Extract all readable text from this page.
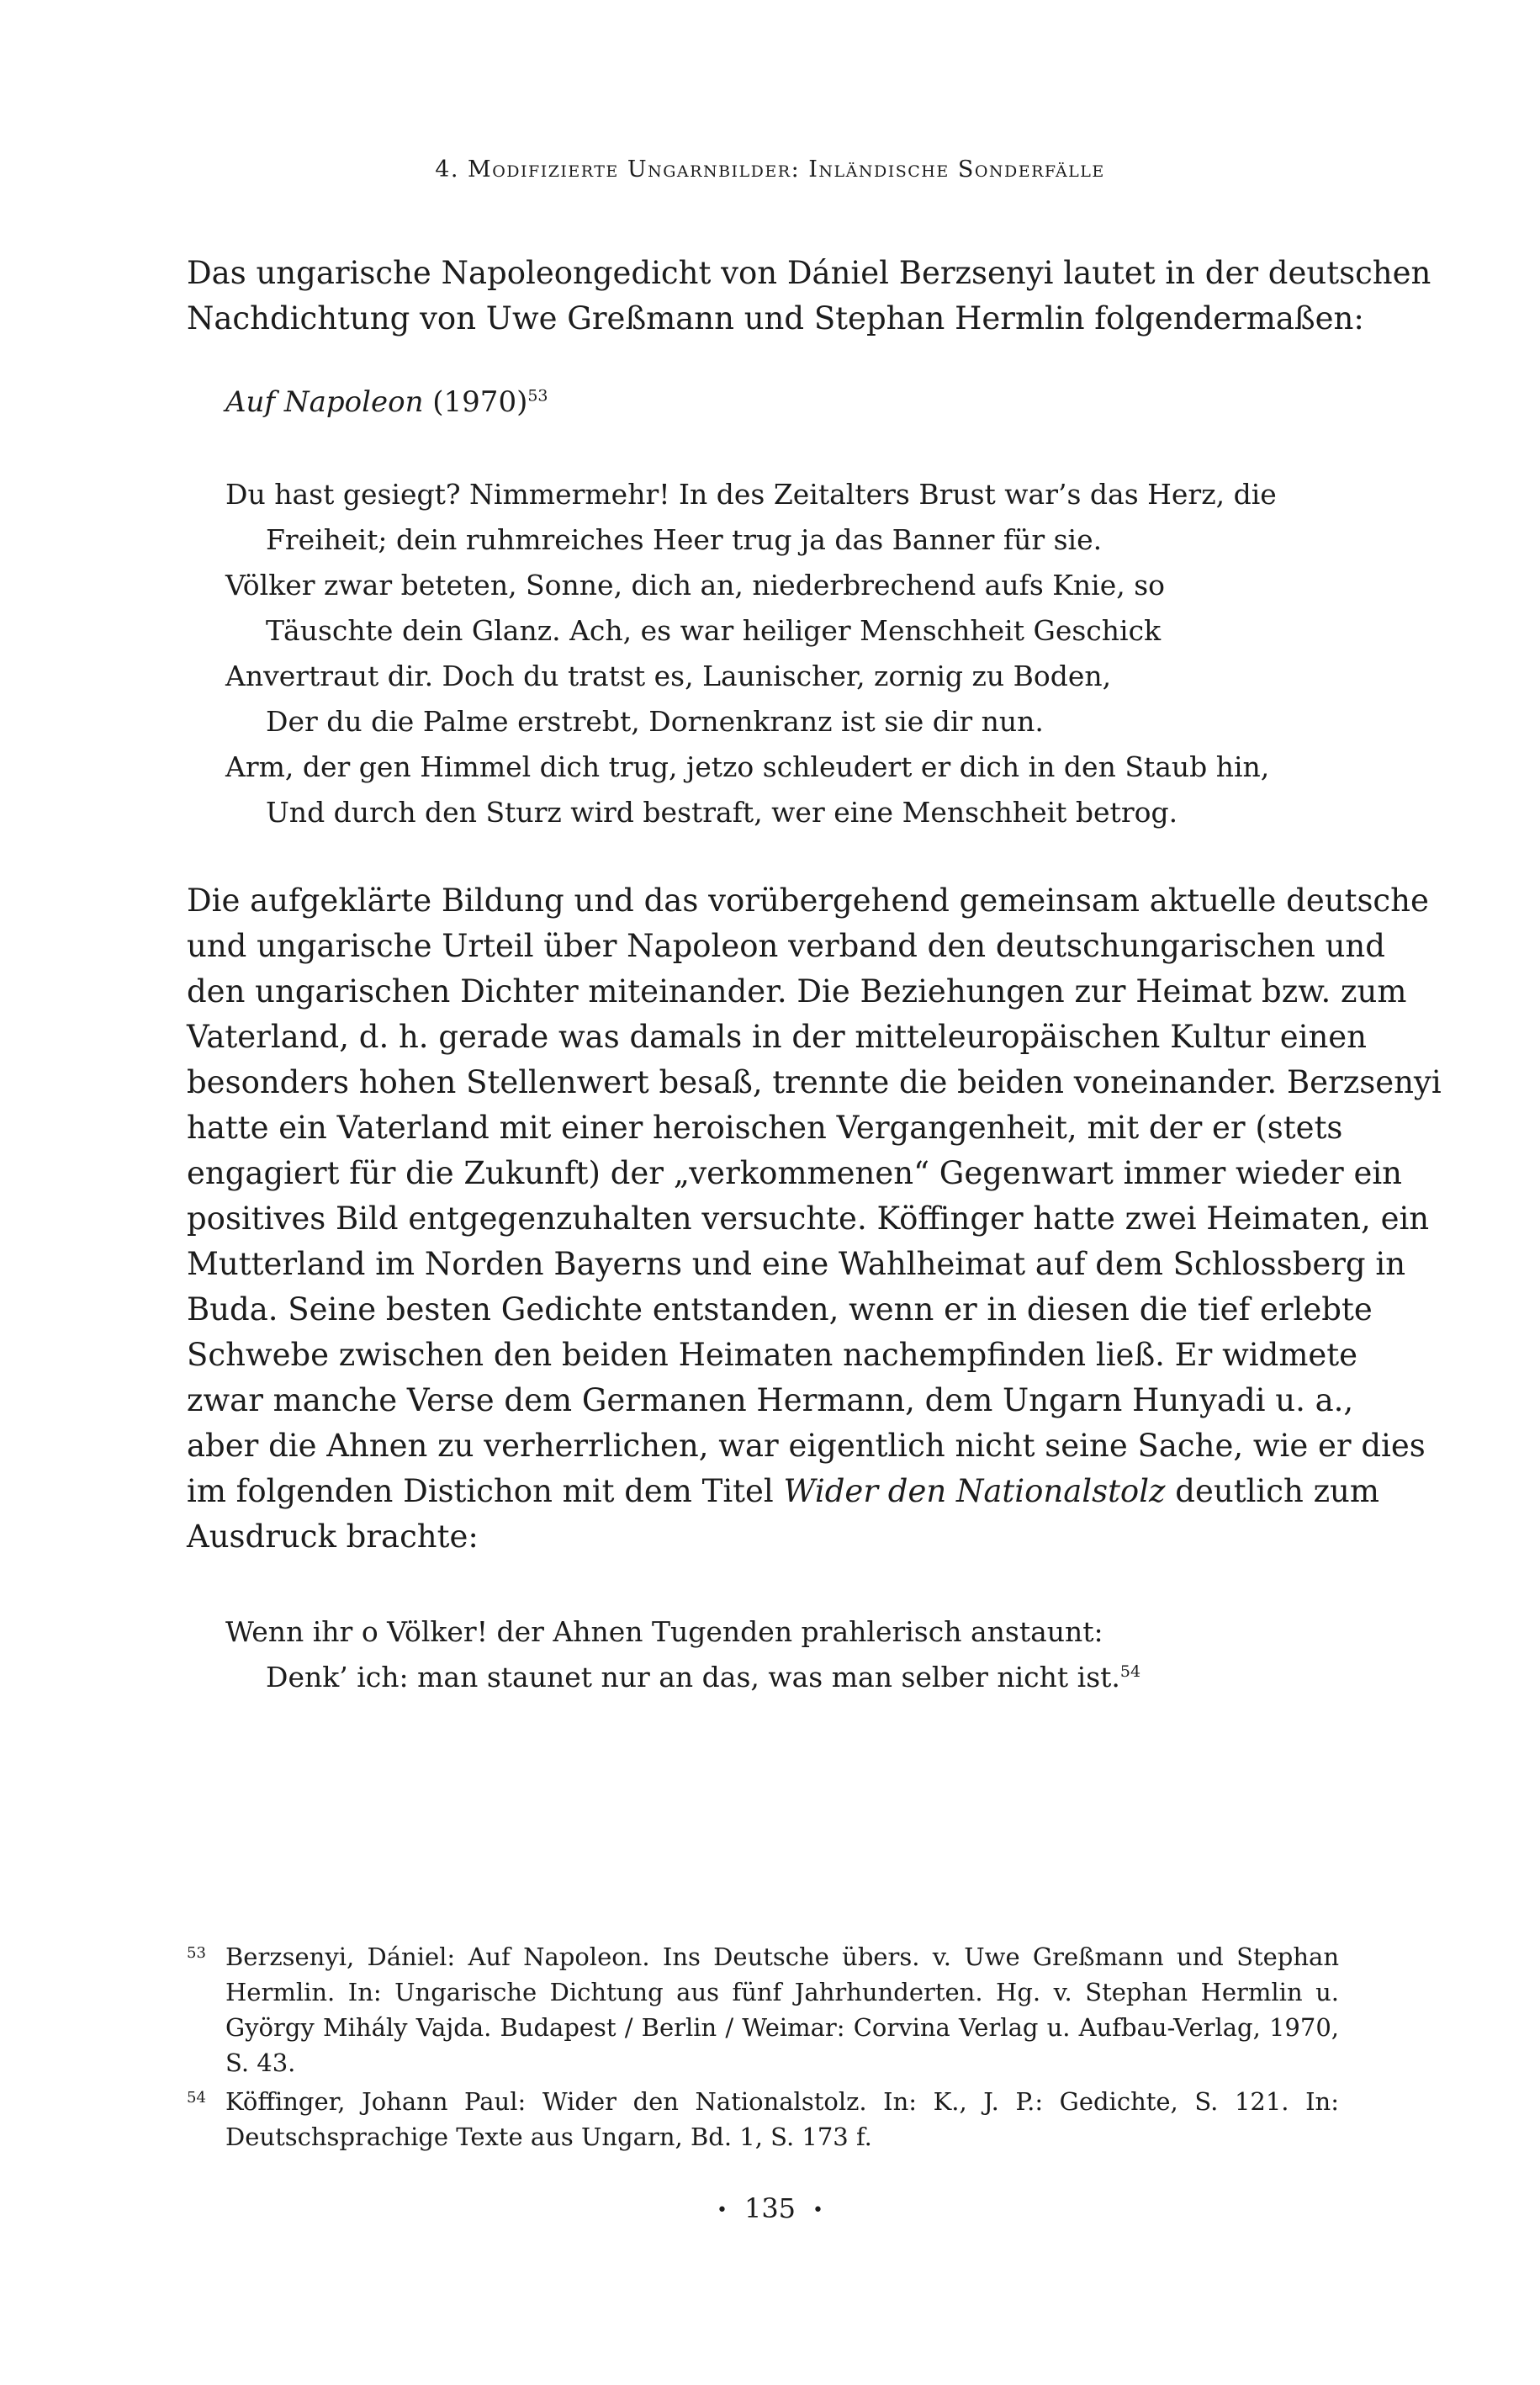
4. Modifizierte Ungarnbilder: Inländische Sonderfälle

Das ungarische Napoleongedicht von Dániel Berzsenyi lautet in der deutschen
Nachdichtung von Uwe Greßmann und Stephan Hermlin folgendermaßen:

Auf Napoleon $(1970)^{53}$
Du hast gesiegt? Nimmermehr! In des Zeitalters Brust war’s das Herz, die
Freiheit; dein ruhmreiches Heer trug ja das Banner für sie.
Völker zwar beteten, Sonne, dich an, niederbrechend aufs Knie, so
Täuschte dein Glanz. Ach, es war heiliger Menschheit Geschick
Anvertraut dir. Doch du tratst es, Launischer, zornig zu Boden,
Der du die Palme erstrebt, Dornenkranz ist sie dir nun.
Arm, der gen Himmel dich trug, jetzo schleudert er dich in den Staub hin,
Und durch den Sturz wird bestraft, wer eine Menschheit betrog.

Die aufgeklärte Bildung und das vorübergehend gemeinsam aktuelle deutsche
und ungarische Urteil über Napoleon verband den deutschungarischen und
den ungarischen Dichter miteinander. Die Beziehungen zur Heimat bzw. zum
Vaterland, d. h. gerade was damals in der mitteleuropäischen Kultur einen
besonders hohen Stellenwert besaß, trennte die beiden voneinander. Berzsenyi
hatte ein Vaterland mit einer heroischen Vergangenheit, mit der er (stets
engagiert für die Zukunft) der „verkommenen“ Gegenwart immer wieder ein
positives Bild entgegenzuhalten versuchte. Köffinger hatte zwei Heimaten, ein
Mutterland im Norden Bayerns und eine Wahlheimat auf dem Schlossberg in
Buda. Seine besten Gedichte entstanden, wenn er in diesen die tief erlebte
Schwebe zwischen den beiden Heimaten nachempfinden ließ. Er widmete
zwar manche Verse dem Germanen Hermann, dem Ungarn Hunyadi u. a.,
aber die Ahnen zu verherrlichen, war eigentlich nicht seine Sache, wie er dies
im folgenden Distichon mit dem Titel Wider den Nationalstolz deutlich zum
Ausdruck brachte:

Wenn ihr o Völker! der Ahnen Tugenden prahlerisch anstaunt:
Denk’ ich: man staunet nur an das, was man selber nicht ist.$^{54}$
53 Berzsenyi, Dániel: Auf Napoleon. Ins Deutsche übers. v. Uwe Greßmann und Stephan
Hermlin. In: Ungarische Dichtung aus fünf Jahrhunderten. Hg. v. Stephan Hermlin u.
György Mihály Vajda. Budapest / Berlin / Weimar: Corvina Verlag u. Aufbau-Verlag, 1970,
S. 43.
54 Köffinger, Johann Paul: Wider den Nationalstolz. In: K., J. P.: Gedichte, S. 121. In:
Deutschsprachige Texte aus Ungarn, Bd. 1, S. 173 f.
• 135 •
